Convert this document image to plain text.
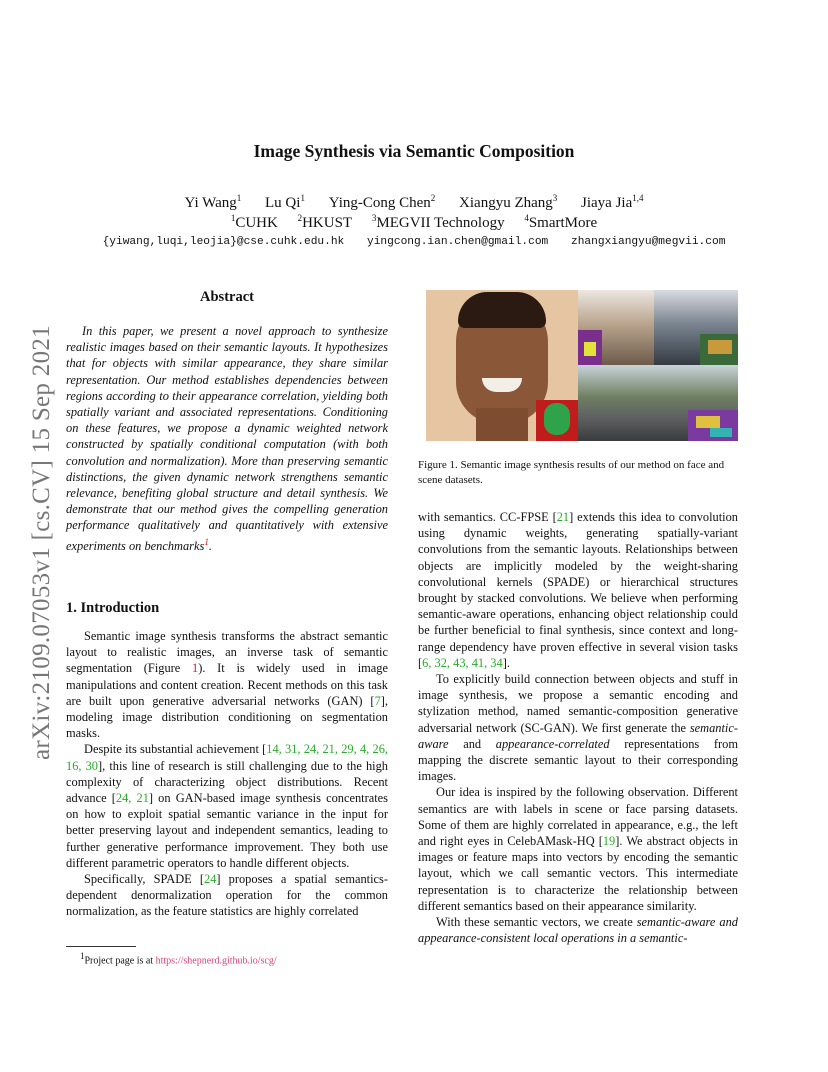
Image Synthesis via Semantic Composition
Yi Wang$^1$ Lu Qi$^1$ Ying-Cong Chen$^2$ Xiangyu Zhang$^3$ Jiaya Jia$^{1,4}$
$^1$CUHK $^2$HKUST $^3$MEGVII Technology $^4$SmartMore
{yiwang,luqi,leojia}@cse.cuhk.edu.hk yingcong.ian.chen@gmail.com zhangxiangyu@megvii.com
arXiv:2109.07053v1 [cs.CV] 15 Sep 2021
Abstract
In this paper, we present a novel approach to synthesize realistic images based on their semantic layouts. It hypothesizes that for objects with similar appearance, they share similar representation. Our method establishes dependencies between regions according to their appearance correlation, yielding both spatially variant and associated representations. Conditioning on these features, we propose a dynamic weighted network constructed by spatially conditional computation (with both convolution and normalization). More than preserving semantic distinctions, the given dynamic network strengthens semantic relevance, benefiting global structure and detail synthesis. We demonstrate that our method gives the compelling generation performance qualitatively and quantitatively with extensive experiments on benchmarks$^1$.
1. Introduction

Semantic image synthesis transforms the abstract semantic layout to realistic images, an inverse task of semantic segmentation (Figure 1). It is widely used in image manipulations and content creation. Recent methods on this task are built upon generative adversarial networks (GAN) [7], modeling image distribution conditioning on segmentation masks.

Despite its substantial achievement [14, 31, 24, 21, 29, 4, 26, 16, 30], this line of research is still challenging due to the high complexity of characterizing object distributions. Recent advance [24, 21] on GAN-based image synthesis concentrates on how to exploit spatial semantic variance in the input for better preserving layout and independent semantics, leading to further generative performance improvement. They both use different parametric operators to handle different objects.

Specifically, SPADE [24] proposes a spatial semantics-dependent denormalization operation for the common normalization, as the feature statistics are highly correlated

Figure 1. Semantic image synthesis results of our method on face and scene datasets.

with semantics. CC-FPSE [21] extends this idea to convolution using dynamic weights, generating spatially-variant convolutions from the semantic layouts. Relationships between objects are implicitly modeled by the weight-sharing convolutional kernels (SPADE) or hierarchical structures brought by stacked convolutions. We believe when performing semantic-aware operations, enhancing object relationship could be further beneficial to final synthesis, since context and long-range dependency have proven effective in several vision tasks [6, 32, 43, 41, 34].

To explicitly build connection between objects and stuff in image synthesis, we propose a semantic encoding and stylization method, named semantic-composition generative adversarial network (SC-GAN). We first generate the semantic-aware and appearance-correlated representations from mapping the discrete semantic layout to their corresponding images.

Our idea is inspired by the following observation. Different semantics are with labels in scene or face parsing datasets. Some of them are highly correlated in appearance, e.g., the left and right eyes in CelebAMask-HQ [19]. We abstract objects in images or feature maps into vectors by encoding the semantic layout, which we call semantic vectors. This intermediate representation is to characterize the relationship between different semantics based on their appearance similarity.

With these semantic vectors, we create semantic-aware and appearance-consistent local operations in a semantic-

$^1$Project page is at https://shepnerd.github.io/scg/
